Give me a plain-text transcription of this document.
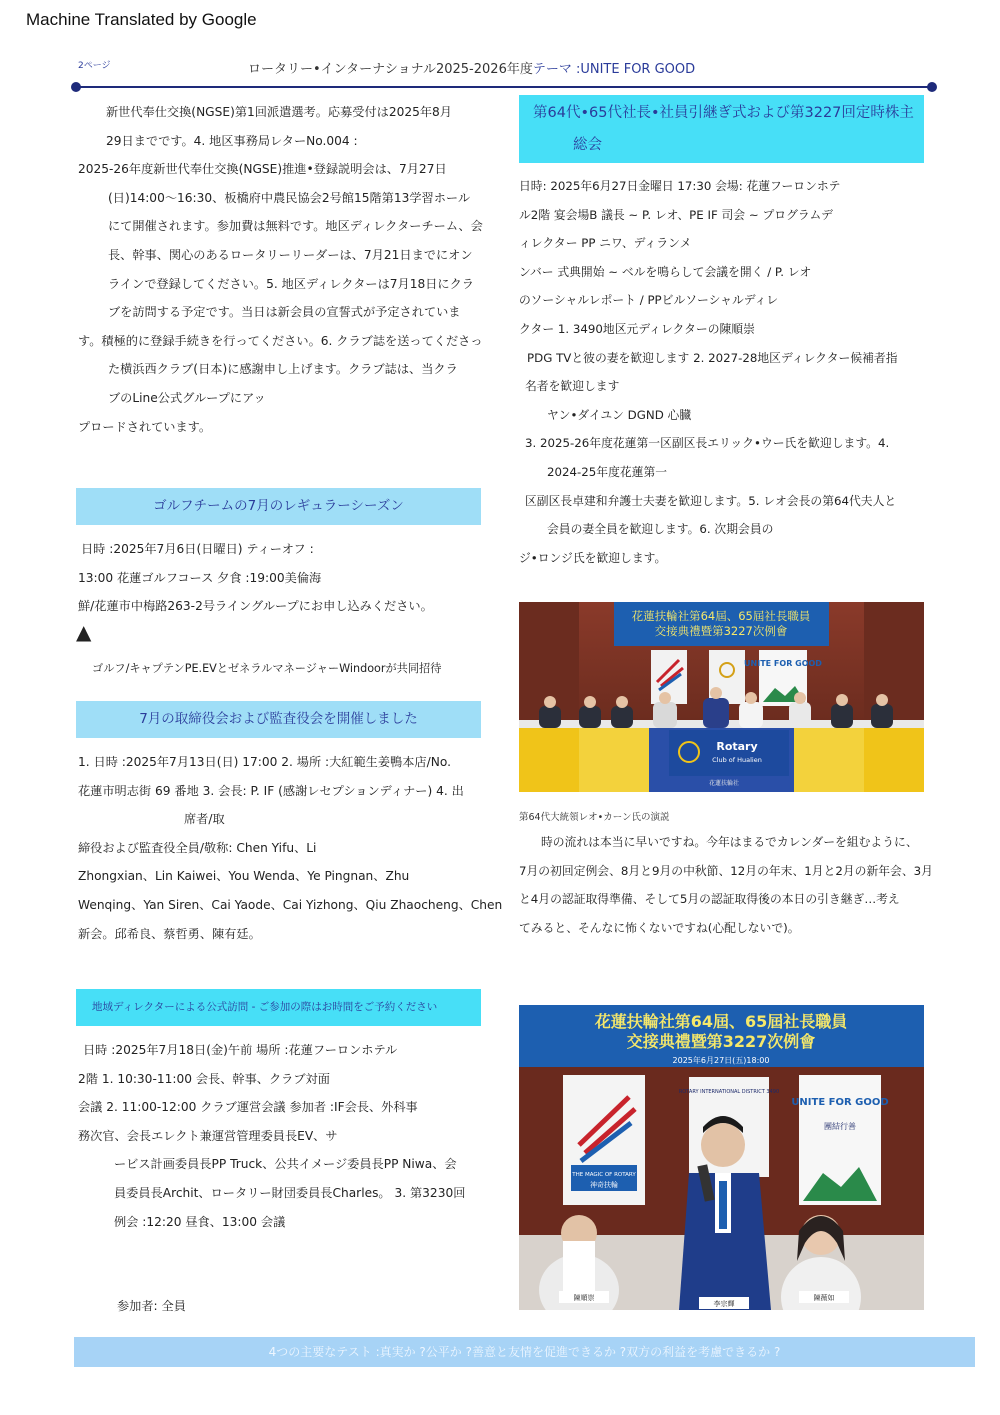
Machine Translated by Google
2ページ	ロータリー•インターナショナル2025-2026年度テーマ :UNITE FOR GOOD
新世代奉仕交換(NGSE)第1回派遣選考。応募受付は2025年8月
29日までです。4. 地区事務局レターNo.004 :
2025-26年度新世代奉仕交換(NGSE)推進•登録説明会は、7月27日
(日)14:00〜16:30、板橋府中農民協会2号館15階第13学習ホール
にて開催されます。参加費は無料です。地区ディレクターチーム、会
長、幹事、関心のあるロータリーリーダーは、7月21日までにオン
ラインで登録してください。5. 地区ディレクターは7月18日にクラ
ブを訪問する予定です。当日は新会員の宣誓式が予定されていま
す。積極的に登録手続きを行ってください。6. クラブ誌を送ってくださっ
た横浜西クラブ(日本)に感謝申し上げます。クラブ誌は、当クラ
ブのLine公式グループにアッ
プロードされています。
ゴルフチームの7月のレギュラーシーズン
日時 :2025年7月6日(日曜日) ティーオフ :
13:00 花蓮ゴルフコース 夕食 :19:00美倫海
鮮/花蓮市中梅路263-2号ライングループにお申し込みください。
▲
ゴルフ/キャプテンPE.EVとゼネラルマネージャーWindoorが共同招待
7月の取締役会および監査役会を開催しました
1. 日時 :2025年7月13日(日) 17:00 2. 場所 :大紅範生姜鴨本店/No.
花蓮市明志街 69 番地 3. 会長: P. IF (感謝レセプションディナー) 4. 出
席者/取
締役および監査役全員/敬称: Chen Yifu、Li
Zhongxian、Lin Kaiwei、You Wenda、Ye Pingnan、Zhu
Wenqing、Yan Siren、Cai Yaode、Cai Yizhong、Qiu Zhaocheng、Chen
新会。邱希良、蔡哲勇、陳有廷。
地域ディレクターによる公式訪問 - ご参加の際はお時間をご予約ください
日時 :2025年7月18日(金)午前 場所 :花蓮フーロンホテル
2階 1. 10:30-11:00 会長、幹事、クラブ対面
会議 2. 11:00-12:00 クラブ運営会議 参加者 :IF会長、外科事
務次官、会長エレクト兼運営管理委員長EV、サ
ービス計画委員長PP Truck、公共イメージ委員長PP Niwa、会
員委員長Archit、ロータリー財団委員長Charles。 3. 第3230回
例会 :12:20 昼食、13:00 会議
参加者: 全員
第64代•65代社長•社員引継ぎ式および第3227回定時株主
総会
日時: 2025年6月27日金曜日 17:30 会場: 花蓮フーロンホテ
ル2階 宴会場B 議長 ~ P. レオ、PE IF 司会 ~ プログラムデ
ィレクター PP ニワ、ディランメ
ンバー 式典開始 ~ ベルを鳴らして会議を開く / P. レオ
のソーシャルレポート / PPビルソーシャルディレ
クター 1. 3490地区元ディレクターの陳順崇
PDG TVと彼の妻を歓迎します 2. 2027-28地区ディレクター候補者指
名者を歓迎します
ヤン•ダイユン DGND 心臓
3. 2025-26年度花蓮第一区副区長エリック•ウー氏を歓迎します。4.
2024-25年度花蓮第一
区副区長卓建和弁護士夫妻を歓迎します。5. レオ会長の第64代夫人と
会員の妻全員を歓迎します。6. 次期会員の
ジ•ロンジ氏を歓迎します。
花蓮扶輪社第64屆、65屆社長職員
交接典禮暨第3227次例會
UNITE FOR GOOD
Rotary
Club of Hualien
花蓮扶輪社
第64代大統領レオ•カーン氏の演説
時の流れは本当に早いですね。今年はまるでカレンダーを組むように、
7月の初回定例会、8月と9月の中秋節、12月の年末、1月と2月の新年会、3月
と4月の認証取得準備、そして5月の認証取得後の本日の引き継ぎ…考え
てみると、そんなに怖くないですね(心配しないで)。
花蓮扶輪社第64屆、65屆社長職員
交接典禮暨第3227次例會
2025年6月27日(五)18:00
THE MAGIC OF ROTARY
神奇扶輪
ROTARY INTERNATIONAL DISTRICT 3490
UNITE FOR GOOD
團結行善
陳順崇
李宗輝
陳薇如
4つの主要なテスト :真実か ?公平か ?善意と友情を促進できるか ?双方の利益を考慮できるか ?
